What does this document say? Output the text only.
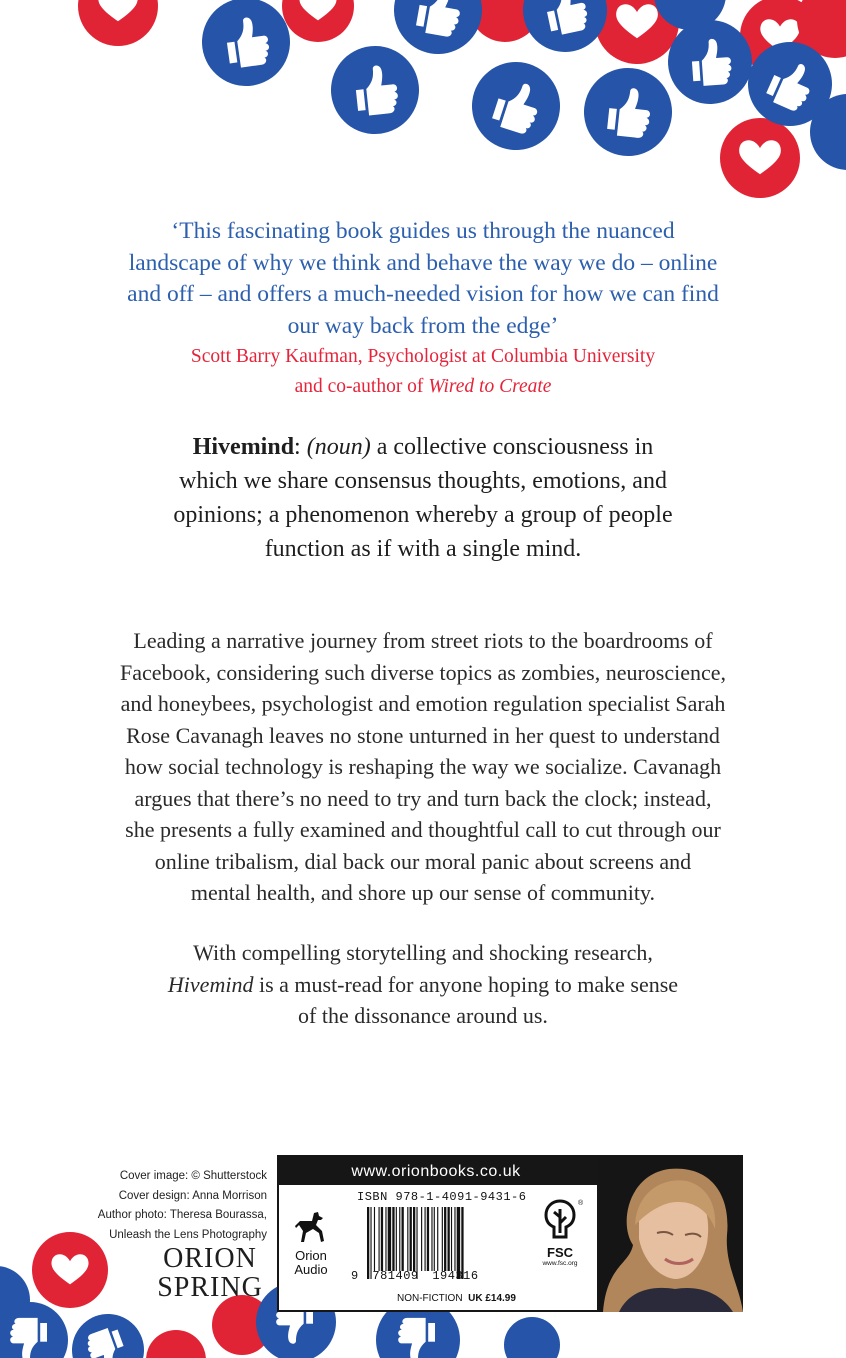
‘This fascinating book guides us through the nuanced
landscape of why we think and behave the way we do – online
and off – and offers a much-needed vision for how we can find
our way back from the edge’
Scott Barry Kaufman, Psychologist at Columbia University
and co-author of Wired to Create
Hivemind: (noun) a collective consciousness in
which we share consensus thoughts, emotions, and
opinions; a phenomenon whereby a group of people
function as if with a single mind.
Leading a narrative journey from street riots to the boardrooms of
Facebook, considering such diverse topics as zombies, neuroscience,
and honeybees, psychologist and emotion regulation specialist Sarah
Rose Cavanagh leaves no stone unturned in her quest to understand
how social technology is reshaping the way we socialize. Cavanagh
argues that there’s no need to try and turn back the clock; instead,
she presents a fully examined and thoughtful call to cut through our
online tribalism, dial back our moral panic about screens and
mental health, and shore up our sense of community.
With compelling storytelling and shocking research,
Hivemind is a must-read for anyone hoping to make sense
of the dissonance around us.
Cover image: © Shutterstock
Cover design: Anna Morrison
Author photo: Theresa Bourassa,
Unleash the Lens Photography
ORION
SPRING
www.orionbooks.co.uk
Orion
Audio
ISBN 978-1-4091-9431-6
9 781409 194316
NON-FICTION UK £14.99
®
FSC
www.fsc.org
